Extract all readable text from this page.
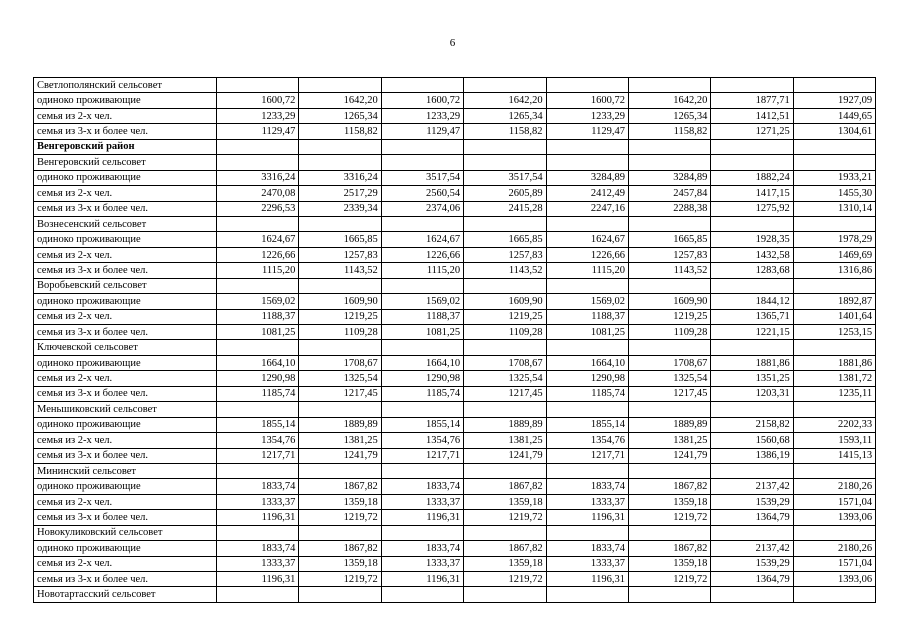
6
Светлополянский сельсовет								
одиноко проживающие	1600,72	1642,20	1600,72	1642,20	1600,72	1642,20	1877,71	1927,09
семья из 2-х чел.	1233,29	1265,34	1233,29	1265,34	1233,29	1265,34	1412,51	1449,65
семья из 3-х и более чел.	1129,47	1158,82	1129,47	1158,82	1129,47	1158,82	1271,25	1304,61
Венгеровский район								
Венгеровский сельсовет								
одиноко проживающие	3316,24	3316,24	3517,54	3517,54	3284,89	3284,89	1882,24	1933,21
семья из 2-х чел.	2470,08	2517,29	2560,54	2605,89	2412,49	2457,84	1417,15	1455,30
семья из 3-х и более чел.	2296,53	2339,34	2374,06	2415,28	2247,16	2288,38	1275,92	1310,14
Вознесенский сельсовет								
одиноко проживающие	1624,67	1665,85	1624,67	1665,85	1624,67	1665,85	1928,35	1978,29
семья из 2-х чел.	1226,66	1257,83	1226,66	1257,83	1226,66	1257,83	1432,58	1469,69
семья из 3-х и более чел.	1115,20	1143,52	1115,20	1143,52	1115,20	1143,52	1283,68	1316,86
Воробьевский сельсовет								
одиноко проживающие	1569,02	1609,90	1569,02	1609,90	1569,02	1609,90	1844,12	1892,87
семья из 2-х чел.	1188,37	1219,25	1188,37	1219,25	1188,37	1219,25	1365,71	1401,64
семья из 3-х и более чел.	1081,25	1109,28	1081,25	1109,28	1081,25	1109,28	1221,15	1253,15
Ключевской сельсовет								
одиноко проживающие	1664,10	1708,67	1664,10	1708,67	1664,10	1708,67	1881,86	1881,86
семья из 2-х чел.	1290,98	1325,54	1290,98	1325,54	1290,98	1325,54	1351,25	1381,72
семья из 3-х и более чел.	1185,74	1217,45	1185,74	1217,45	1185,74	1217,45	1203,31	1235,11
Меньшиковский сельсовет								
одиноко проживающие	1855,14	1889,89	1855,14	1889,89	1855,14	1889,89	2158,82	2202,33
семья из 2-х чел.	1354,76	1381,25	1354,76	1381,25	1354,76	1381,25	1560,68	1593,11
семья из 3-х и более чел.	1217,71	1241,79	1217,71	1241,79	1217,71	1241,79	1386,19	1415,13
Мининский сельсовет								
одиноко проживающие	1833,74	1867,82	1833,74	1867,82	1833,74	1867,82	2137,42	2180,26
семья из 2-х чел.	1333,37	1359,18	1333,37	1359,18	1333,37	1359,18	1539,29	1571,04
семья из 3-х и более чел.	1196,31	1219,72	1196,31	1219,72	1196,31	1219,72	1364,79	1393,06
Новокуликовский сельсовет								
одиноко проживающие	1833,74	1867,82	1833,74	1867,82	1833,74	1867,82	2137,42	2180,26
семья из 2-х чел.	1333,37	1359,18	1333,37	1359,18	1333,37	1359,18	1539,29	1571,04
семья из 3-х и более чел.	1196,31	1219,72	1196,31	1219,72	1196,31	1219,72	1364,79	1393,06
Новотартасский сельсовет								
